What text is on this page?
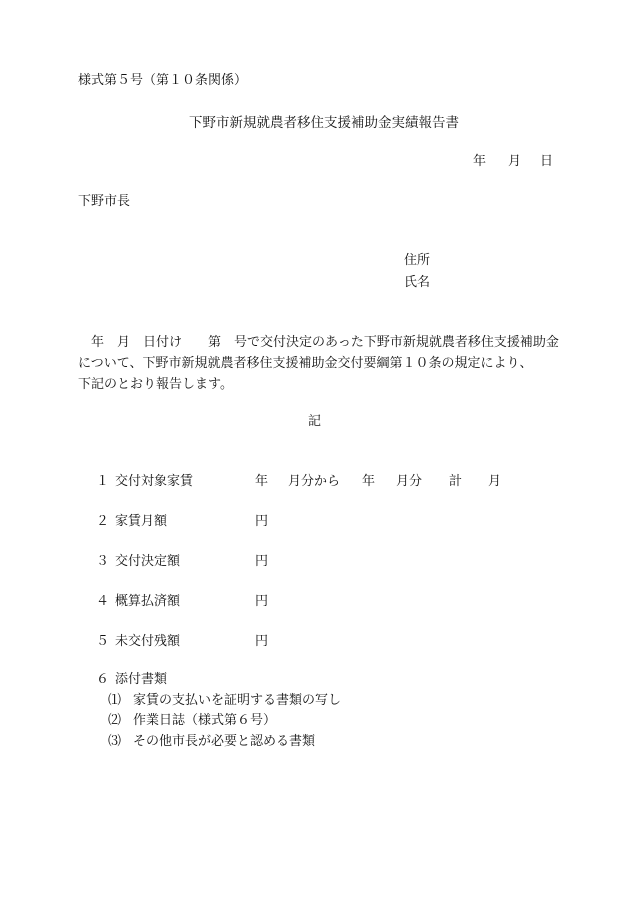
様式第５号（第１０条関係）
下野市新規就農者移住支援補助金実績報告書
年 月 日
下野市長
住所
氏名
　年　月　日付け　　第　号で交付決定のあった下野市新規就農者移住支援補助金
について、下野市新規就農者移住支援補助金交付要綱第１０条の規定により、
下記のとおり報告します。
記
１ 交付対象家賃	年 月分から 年 月分 計 月
２ 家賃月額	円
３ 交付決定額	円
４ 概算払済額	円
５ 未交付残額	円
６ 添付書類
⑴ 家賃の支払いを証明する書類の写し
⑵ 作業日誌（様式第６号）
⑶ その他市長が必要と認める書類
